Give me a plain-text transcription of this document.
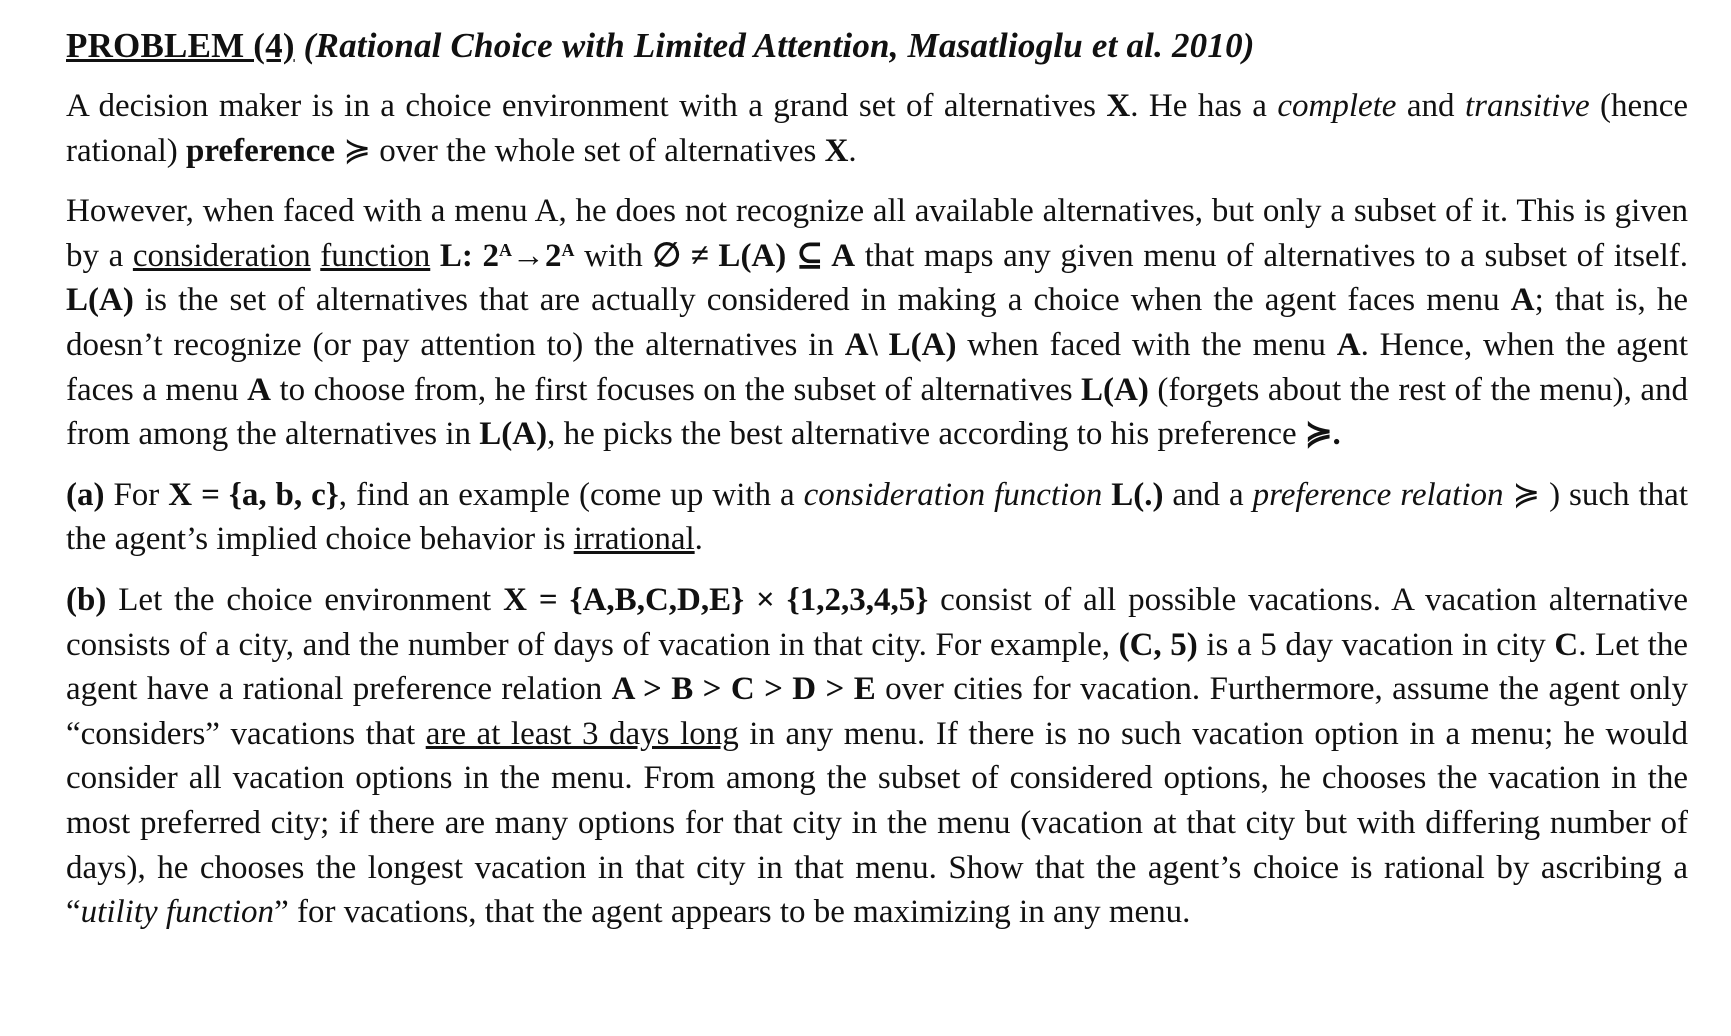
PROBLEM (4) (Rational Choice with Limited Attention, Masatlioglu et al. 2010)

A decision maker is in a choice environment with a grand set of alternatives X. He has a complete and transitive (hence rational) preference ≽ over the whole set of alternatives X.

However, when faced with a menu A, he does not recognize all available alternatives, but only a subset of it. This is given by a consideration function L: $2^A\to 2^A$ with ∅ ≠ L(A) ⊆ A that maps any given menu of alternatives to a subset of itself. L(A) is the set of alternatives that are actually considered in making a choice when the agent faces menu A; that is, he doesn’t recognize (or pay attention to) the alternatives in A\ L(A) when faced with the menu A. Hence, when the agent faces a menu A to choose from, he first focuses on the subset of alternatives L(A) (forgets about the rest of the menu), and from among the alternatives in L(A), he picks the best alternative according to his preference ≽.

(a) For X = {a, b, c}, find an example (come up with a consideration function L(.) and a preference relation ≽ ) such that the agent’s implied choice behavior is irrational.

(b) Let the choice environment X = {A,B,C,D,E} × {1,2,3,4,5} consist of all possible vacations. A vacation alternative consists of a city, and the number of days of vacation in that city. For example, (C, 5) is a 5 day vacation in city C. Let the agent have a rational preference relation A > B > C > D > E over cities for vacation. Furthermore, assume the agent only “considers” vacations that are at least 3 days long in any menu. If there is no such vacation option in a menu; he would consider all vacation options in the menu. From among the subset of considered options, he chooses the vacation in the most preferred city; if there are many options for that city in the menu (vacation at that city but with differing number of days), he chooses the longest vacation in that city in that menu. Show that the agent’s choice is rational by ascribing a “utility function” for vacations, that the agent appears to be maximizing in any menu.
